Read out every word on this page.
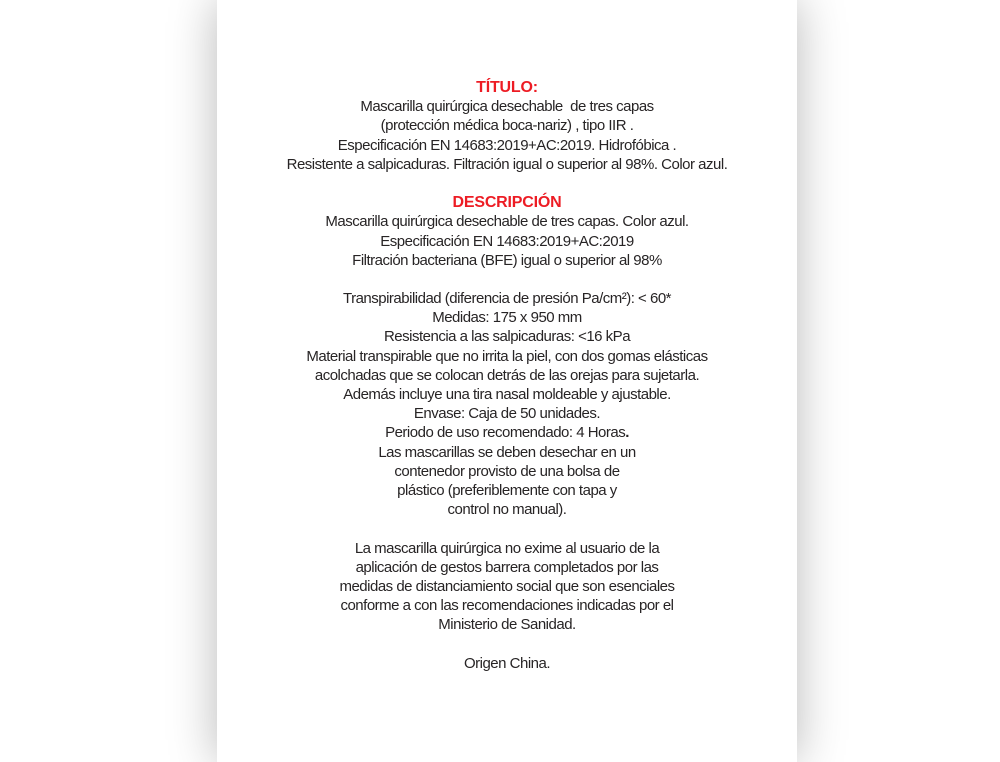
TÍTULO:
Mascarilla quirúrgica desechable  de tres capas
(protección médica boca-nariz) , tipo IIR .
Especificación EN 14683:2019+AC:2019. Hidrofóbica .
Resistente a salpicaduras. Filtración igual o superior al 98%. Color azul.
DESCRIPCIÓN
Mascarilla quirúrgica desechable de tres capas. Color azul.
Especificación EN 14683:2019+AC:2019
Filtración bacteriana (BFE) igual o superior al 98%
Transpirabilidad (diferencia de presión Pa/cm²): < 60*
Medidas: 175 x 950 mm
Resistencia a las salpicaduras: <16 kPa
Material transpirable que no irrita la piel, con dos gomas elásticas
acolchadas que se colocan detrás de las orejas para sujetarla.
Además incluye una tira nasal moldeable y ajustable.
Envase: Caja de 50 unidades.
Periodo de uso recomendado: 4 Horas.
Las mascarillas se deben desechar en un
contenedor provisto de una bolsa de
plástico (preferiblemente con tapa y
control no manual).
La mascarilla quirúrgica no exime al usuario de la
aplicación de gestos barrera completados por las
medidas de distanciamiento social que son esenciales
conforme a con las recomendaciones indicadas por el
Ministerio de Sanidad.
Origen China.
